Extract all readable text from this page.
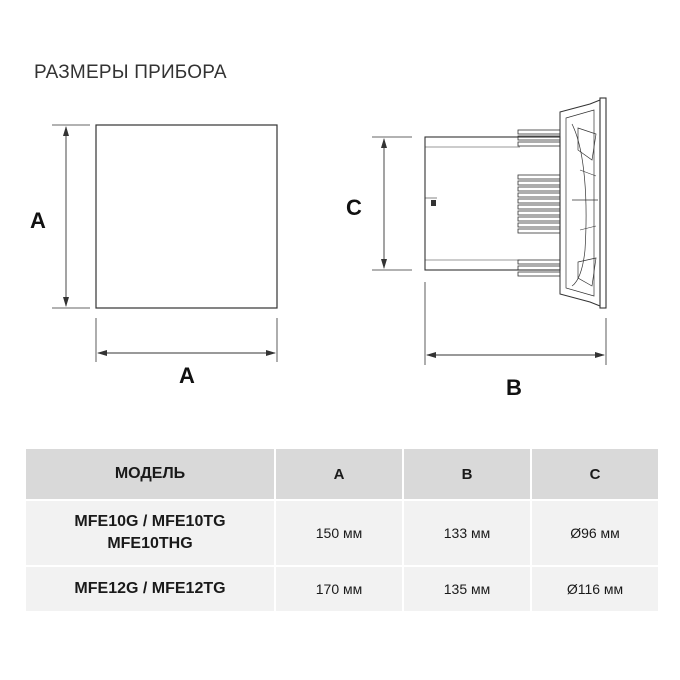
РАЗМЕРЫ ПРИБОРА
A
A
C
B
МОДЕЛЬ	A	B	C

MFE10G / MFE10TG
MFE10THG	150 мм	133 мм	Ø96 мм

MFE12G / MFE12TG	170 мм	135 мм	Ø116 мм
